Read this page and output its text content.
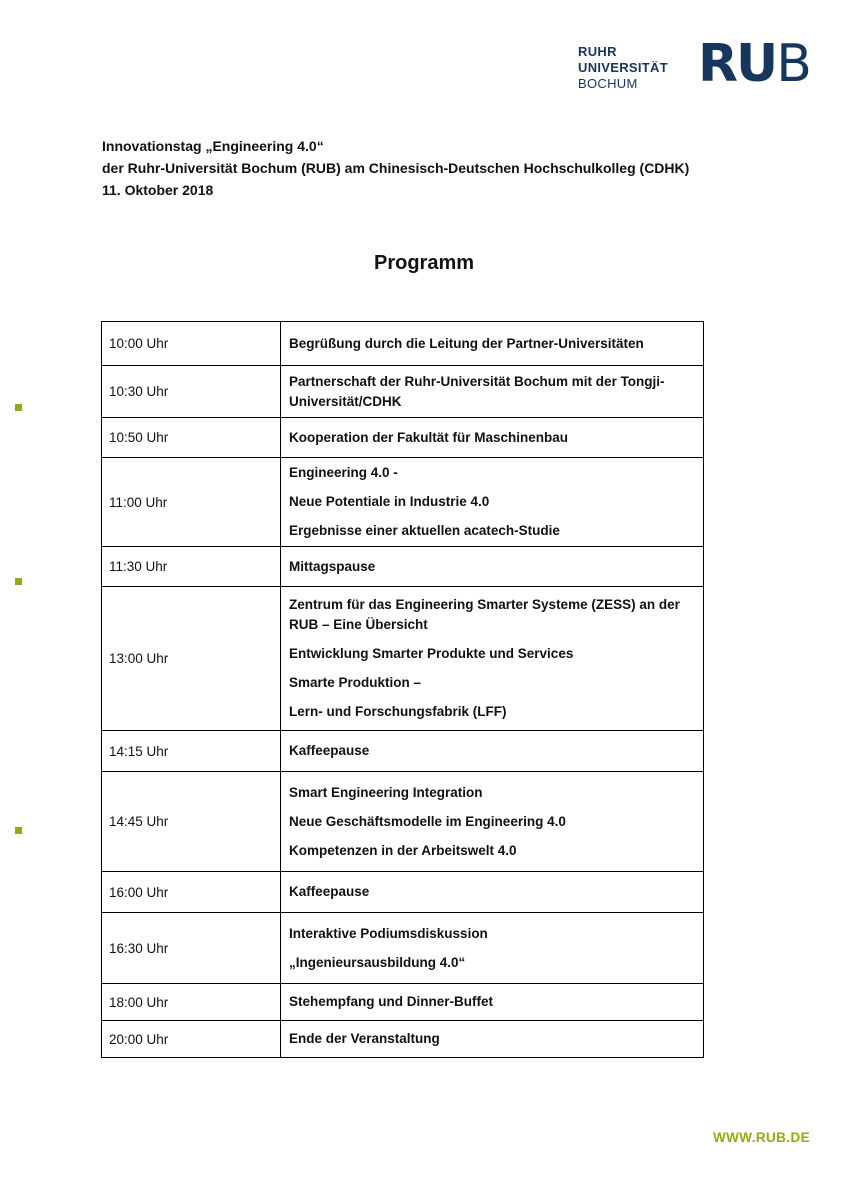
RUHR
UNIVERSITÄT
BOCHUM	RUB
Innovationstag „Engineering 4.0“
der Ruhr-Universität Bochum (RUB) am Chinesisch-Deutschen Hochschulkolleg (CDHK)
11. Oktober 2018
Programm
10:00 Uhr	Begrüßung durch die Leitung der Partner-Universitäten

10:30 Uhr	Partnerschaft der Ruhr-Universität Bochum mit der Tongji-Universität/CDHK

10:50 Uhr	Kooperation der Fakultät für Maschinenbau

11:00 Uhr	Engineering 4.0 -
Neue Potentiale in Industrie 4.0
Ergebnisse einer aktuellen acatech-Studie

11:30 Uhr	Mittagspause

13:00 Uhr	Zentrum für das Engineering Smarter Systeme (ZESS) an der RUB – Eine Übersicht
Entwicklung Smarter Produkte und Services
Smarte Produktion –
Lern- und Forschungsfabrik (LFF)

14:15 Uhr	Kaffeepause

14:45 Uhr	Smart Engineering Integration
Neue Geschäftsmodelle im Engineering 4.0
Kompetenzen in der Arbeitswelt 4.0

16:00 Uhr	Kaffeepause

16:30 Uhr	Interaktive Podiumsdiskussion
„Ingenieursausbildung 4.0“

18:00 Uhr	Stehempfang und Dinner-Buffet

20:00 Uhr	Ende der Veranstaltung
WWW.RUB.DE
